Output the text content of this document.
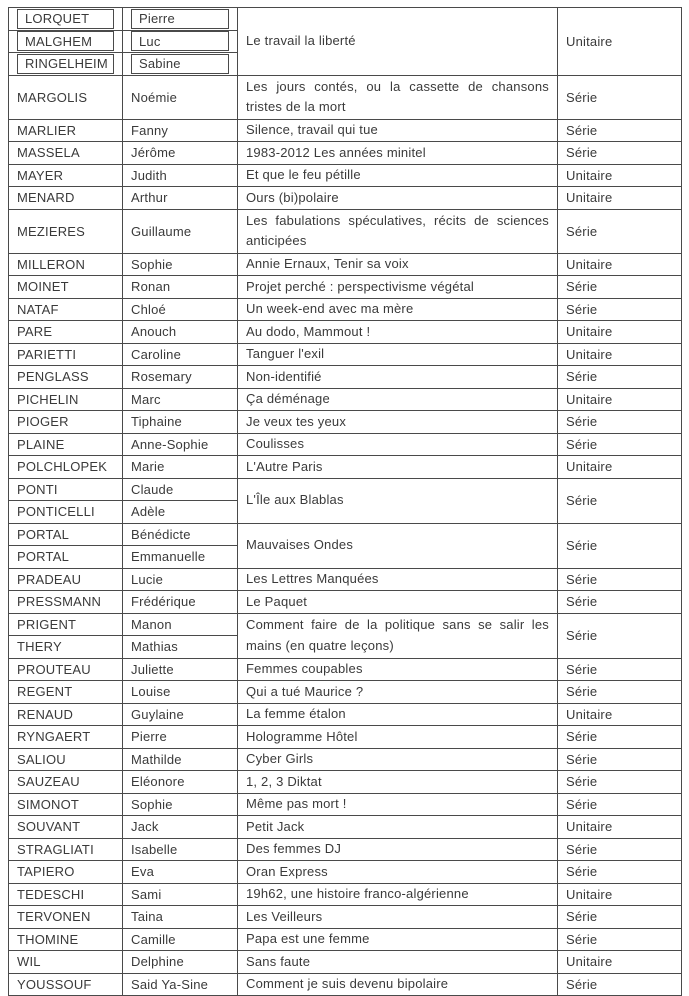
LORQUET	Pierre	Le travail la liberté	Unitaire

MALGHEM	Luc		

RINGELHEIM	Sabine		

MARGOLIS	Noémie	Les jours contés, ou la cassette de chansons tristes de la mort	Série

MARLIER	Fanny	Silence, travail qui tue	Série

MASSELA	Jérôme	1983-2012 Les années minitel	Série

MAYER	Judith	Et que le feu pétille	Unitaire

MENARD	Arthur	Ours (bi)polaire	Unitaire

MEZIERES	Guillaume	Les fabulations spéculatives, récits de sciences anticipées	Série

MILLERON	Sophie	Annie Ernaux, Tenir sa voix	Unitaire

MOINET	Ronan	Projet perché : perspectivisme végétal	Série

NATAF	Chloé	Un week-end avec ma mère	Série

PARE	Anouch	Au dodo, Mammout !	Unitaire

PARIETTI	Caroline	Tanguer l'exil	Unitaire

PENGLASS	Rosemary	Non-identifié	Série

PICHELIN	Marc	Ça déménage	Unitaire

PIOGER	Tiphaine	Je veux tes yeux	Série

PLAINE	Anne-Sophie	Coulisses	Série

POLCHLOPEK	Marie	L'Autre Paris	Unitaire

PONTI	Claude	L'Île aux Blablas	Série

PONTICELLI	Adèle		

PORTAL	Bénédicte	Mauvaises Ondes	Série

PORTAL	Emmanuelle		

PRADEAU	Lucie	Les Lettres Manquées	Série

PRESSMANN	Frédérique	Le Paquet	Série

PRIGENT	Manon	Comment faire de la politique sans se salir les mains (en quatre leçons)	Série

THERY	Mathias		

PROUTEAU	Juliette	Femmes coupables	Série

REGENT	Louise	Qui a tué Maurice ?	Série

RENAUD	Guylaine	La femme étalon	Unitaire

RYNGAERT	Pierre	Hologramme Hôtel	Série

SALIOU	Mathilde	Cyber Girls	Série

SAUZEAU	Eléonore	1, 2, 3 Diktat	Série

SIMONOT	Sophie	Même pas mort !	Série

SOUVANT	Jack	Petit Jack	Unitaire

STRAGLIATI	Isabelle	Des femmes DJ	Série

TAPIERO	Eva	Oran Express	Série

TEDESCHI	Sami	19h62, une histoire franco-algérienne	Unitaire

TERVONEN	Taina	Les Veilleurs	Série

THOMINE	Camille	Papa est une femme	Série

WIL	Delphine	Sans faute	Unitaire

YOUSSOUF	Said Ya-Sine	Comment je suis devenu bipolaire	Série
